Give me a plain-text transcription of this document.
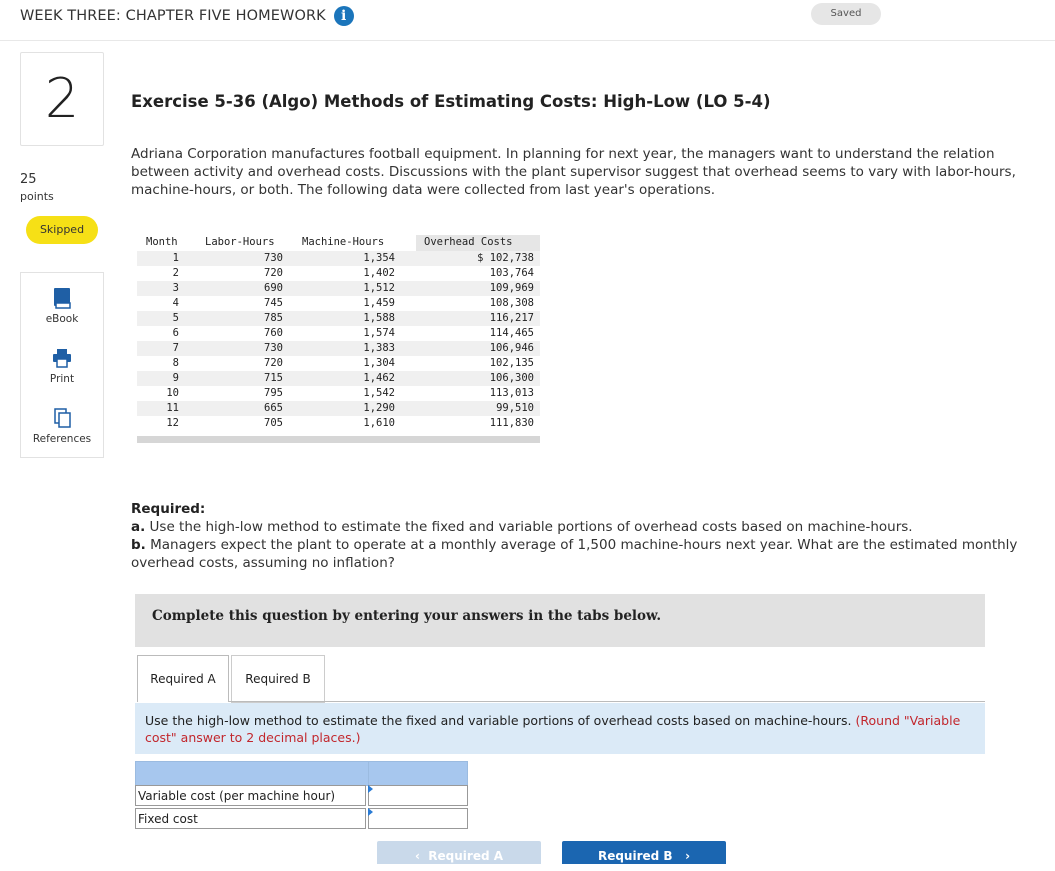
WEEK THREE: CHAPTER FIVE HOMEWORK	i	Saved
2
25
points
Skipped
eBook
Print
References
Exercise 5-36 (Algo) Methods of Estimating Costs: High-Low (LO 5-4)
Adriana Corporation manufactures football equipment. In planning for next year, the managers want to understand the relation between activity and overhead costs. Discussions with the plant supervisor suggest that overhead seems to vary with labor-hours, machine-hours, or both. The following data were collected from last year's operations.
Month	Labor-Hours	Machine-Hours	Overhead Costs
1	730	1,354	$ 102,738
2	720	1,402	103,764
3	690	1,512	109,969
4	745	1,459	108,308
5	785	1,588	116,217
6	760	1,574	114,465
7	730	1,383	106,946
8	720	1,304	102,135
9	715	1,462	106,300
10	795	1,542	113,013
11	665	1,290	99,510
12	705	1,610	111,830
Required:
a. Use the high-low method to estimate the fixed and variable portions of overhead costs based on machine-hours.
b. Managers expect the plant to operate at a monthly average of 1,500 machine-hours next year. What are the estimated monthly overhead costs, assuming no inflation?
Complete this question by entering your answers in the tabs below.
Required A	Required B

Use the high-low method to estimate the fixed and variable portions of overhead costs based on machine-hours. (Round "Variable cost" answer to 2 decimal places.)

Variable cost (per machine hour)
Fixed cost
‹  Required A	Required B   ›
